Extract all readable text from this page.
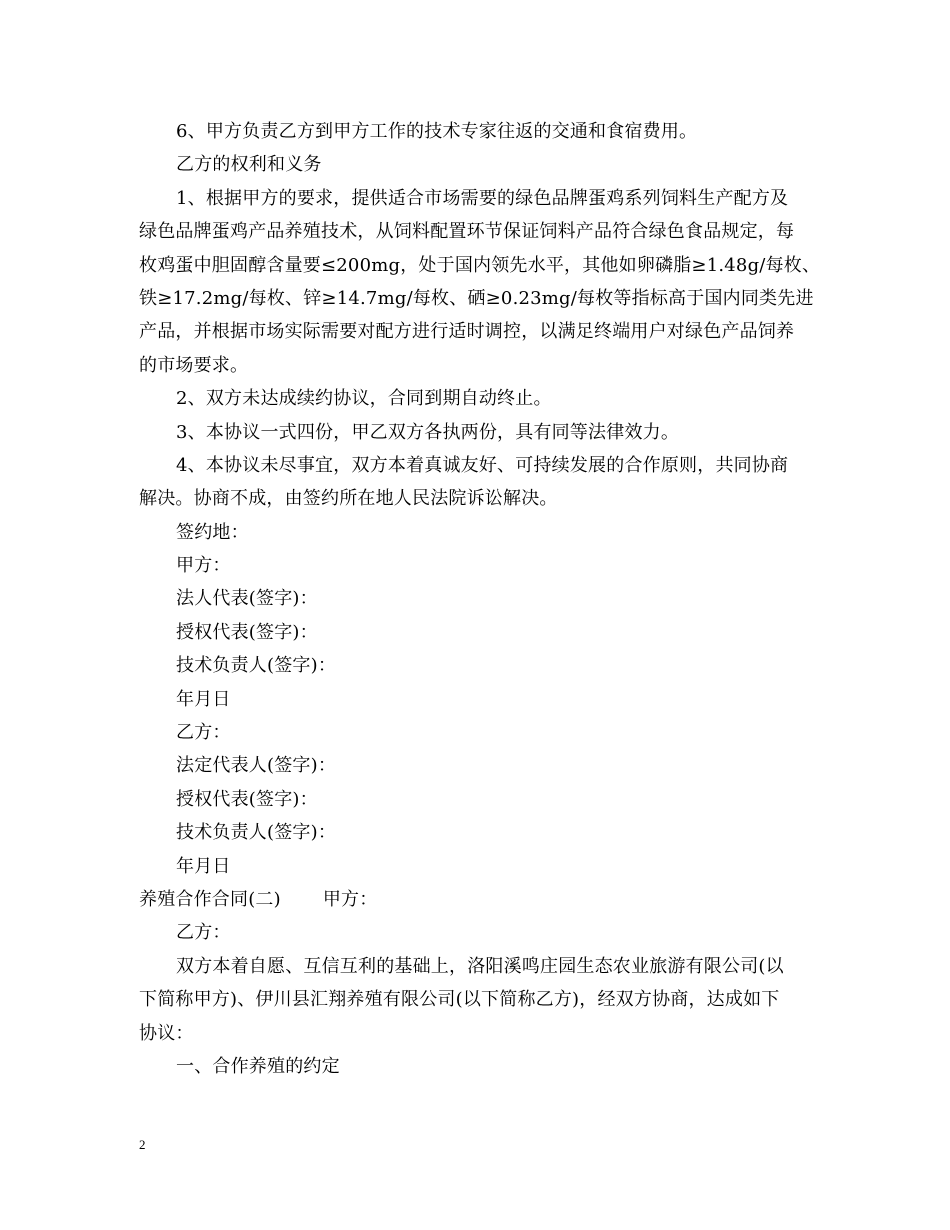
6、甲方负责乙方到甲方工作的技术专家往返的交通和食宿费用。
乙方的权利和义务
1、根据甲方的要求，提供适合市场需要的绿色品牌蛋鸡系列饲料生产配方及
绿色品牌蛋鸡产品养殖技术，从饲料配置环节保证饲料产品符合绿色食品规定，每
枚鸡蛋中胆固醇含量要≤200mg，处于国内领先水平，其他如卵磷脂≥1.48g/每枚、
铁≥17.2mg/每枚、锌≥14.7mg/每枚、硒≥0.23mg/每枚等指标高于国内同类先进
产品，并根据市场实际需要对配方进行适时调控，以满足终端用户对绿色产品饲养
的市场要求。
2、双方未达成续约协议，合同到期自动终止。
3、本协议一式四份，甲乙双方各执两份，具有同等法律效力。
4、本协议未尽事宜，双方本着真诚友好、可持续发展的合作原则，共同协商
解决。协商不成，由签约所在地人民法院诉讼解决。
签约地：
甲方：
法人代表(签字)：
授权代表(签字)：
技术负责人(签字)：
年月日
乙方：
法定代表人(签字)：
授权代表(签字)：
技术负责人(签字)：
年月日
养殖合作合同(二) 甲方：
乙方：
双方本着自愿、互信互利的基础上，洛阳溪鸣庄园生态农业旅游有限公司(以
下简称甲方)、伊川县汇翔养殖有限公司(以下简称乙方)，经双方协商，达成如下
协议：
一、合作养殖的约定
2
